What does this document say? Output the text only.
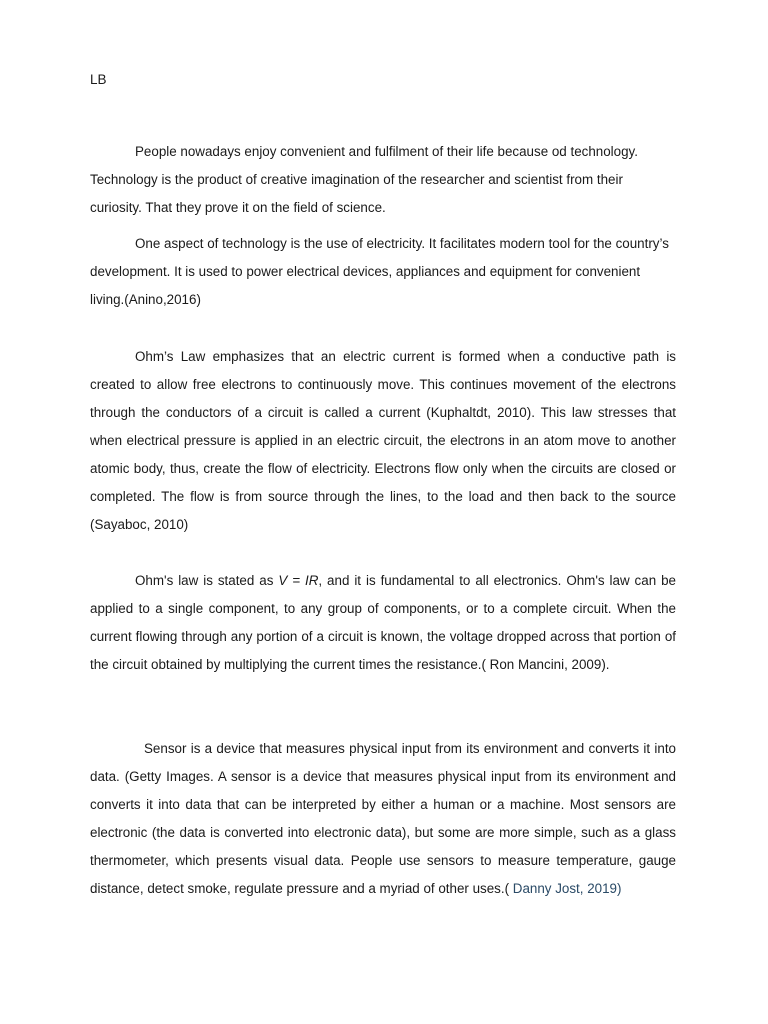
LB

People nowadays enjoy convenient and fulfilment of their life because od technology. Technology is the product of creative imagination of the researcher and scientist from their curiosity. That they prove it on the field of science.

One aspect of technology is the use of electricity. It facilitates modern tool for the country’s development. It is used to power electrical devices, appliances and equipment for convenient living.(Anino,2016)

Ohm’s Law emphasizes that an electric current is formed when a conductive path is created to allow free electrons to continuously move. This continues movement of the electrons through the conductors of a circuit is called a current (Kuphaltdt, 2010). This law stresses that when electrical pressure is applied in an electric circuit, the electrons in an atom move to another atomic body, thus, create the flow of electricity. Electrons flow only when the circuits are closed or completed. The flow is from source through the lines, to the load and then back to the source (Sayaboc, 2010)

Ohm's law is stated as V = IR, and it is fundamental to all electronics. Ohm's law can be applied to a single component, to any group of components, or to a complete circuit. When the current flowing through any portion of a circuit is known, the voltage dropped across that portion of the circuit obtained by multiplying the current times the resistance.( Ron Mancini, 2009).

Sensor is a device that measures physical input from its environment and converts it into data. (Getty Images. A sensor is a device that measures physical input from its environment and converts it into data that can be interpreted by either a human or a machine. Most sensors are electronic (the data is converted into electronic data), but some are more simple, such as a glass thermometer, which presents visual data. People use sensors to measure temperature, gauge distance, detect smoke, regulate pressure and a myriad of other uses.( Danny Jost, 2019)
